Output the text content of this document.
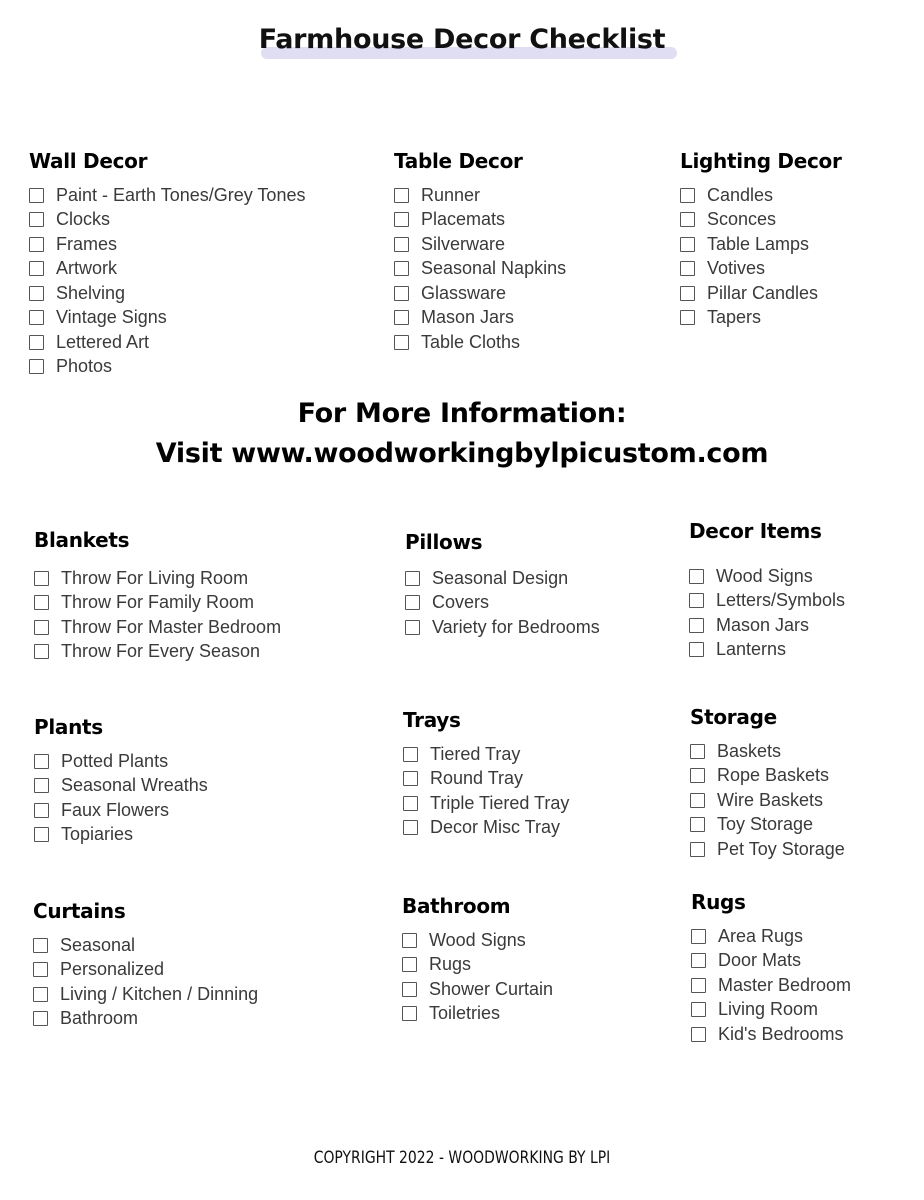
Farmhouse Decor Checklist
Wall Decor
Paint - Earth Tones/Grey Tones
Clocks
Frames
Artwork
Shelving
Vintage Signs
Lettered Art
Photos
Table Decor
Runner
Placemats
Silverware
Seasonal Napkins
Glassware
Mason Jars
Table Cloths
Lighting Decor
Candles
Sconces
Table Lamps
Votives
Pillar Candles
Tapers
For More Information:
Visit www.woodworkingbylpicustom.com
Blankets
Throw For Living Room
Throw For Family Room
Throw For Master Bedroom
Throw For Every Season
Pillows
Seasonal Design
Covers
Variety for Bedrooms
Decor Items
Wood Signs
Letters/Symbols
Mason Jars
Lanterns
Plants
Potted Plants
Seasonal Wreaths
Faux Flowers
Topiaries
Trays
Tiered Tray
Round Tray
Triple Tiered Tray
Decor Misc Tray
Storage
Baskets
Rope Baskets
Wire Baskets
Toy Storage
Pet Toy Storage
Curtains
Seasonal
Personalized
Living / Kitchen / Dinning
Bathroom
Bathroom
Wood Signs
Rugs
Shower Curtain
Toiletries
Rugs
Area Rugs
Door Mats
Master Bedroom
Living Room
Kid's Bedrooms
COPYRIGHT 2022 - WOODWORKING BY LPI
